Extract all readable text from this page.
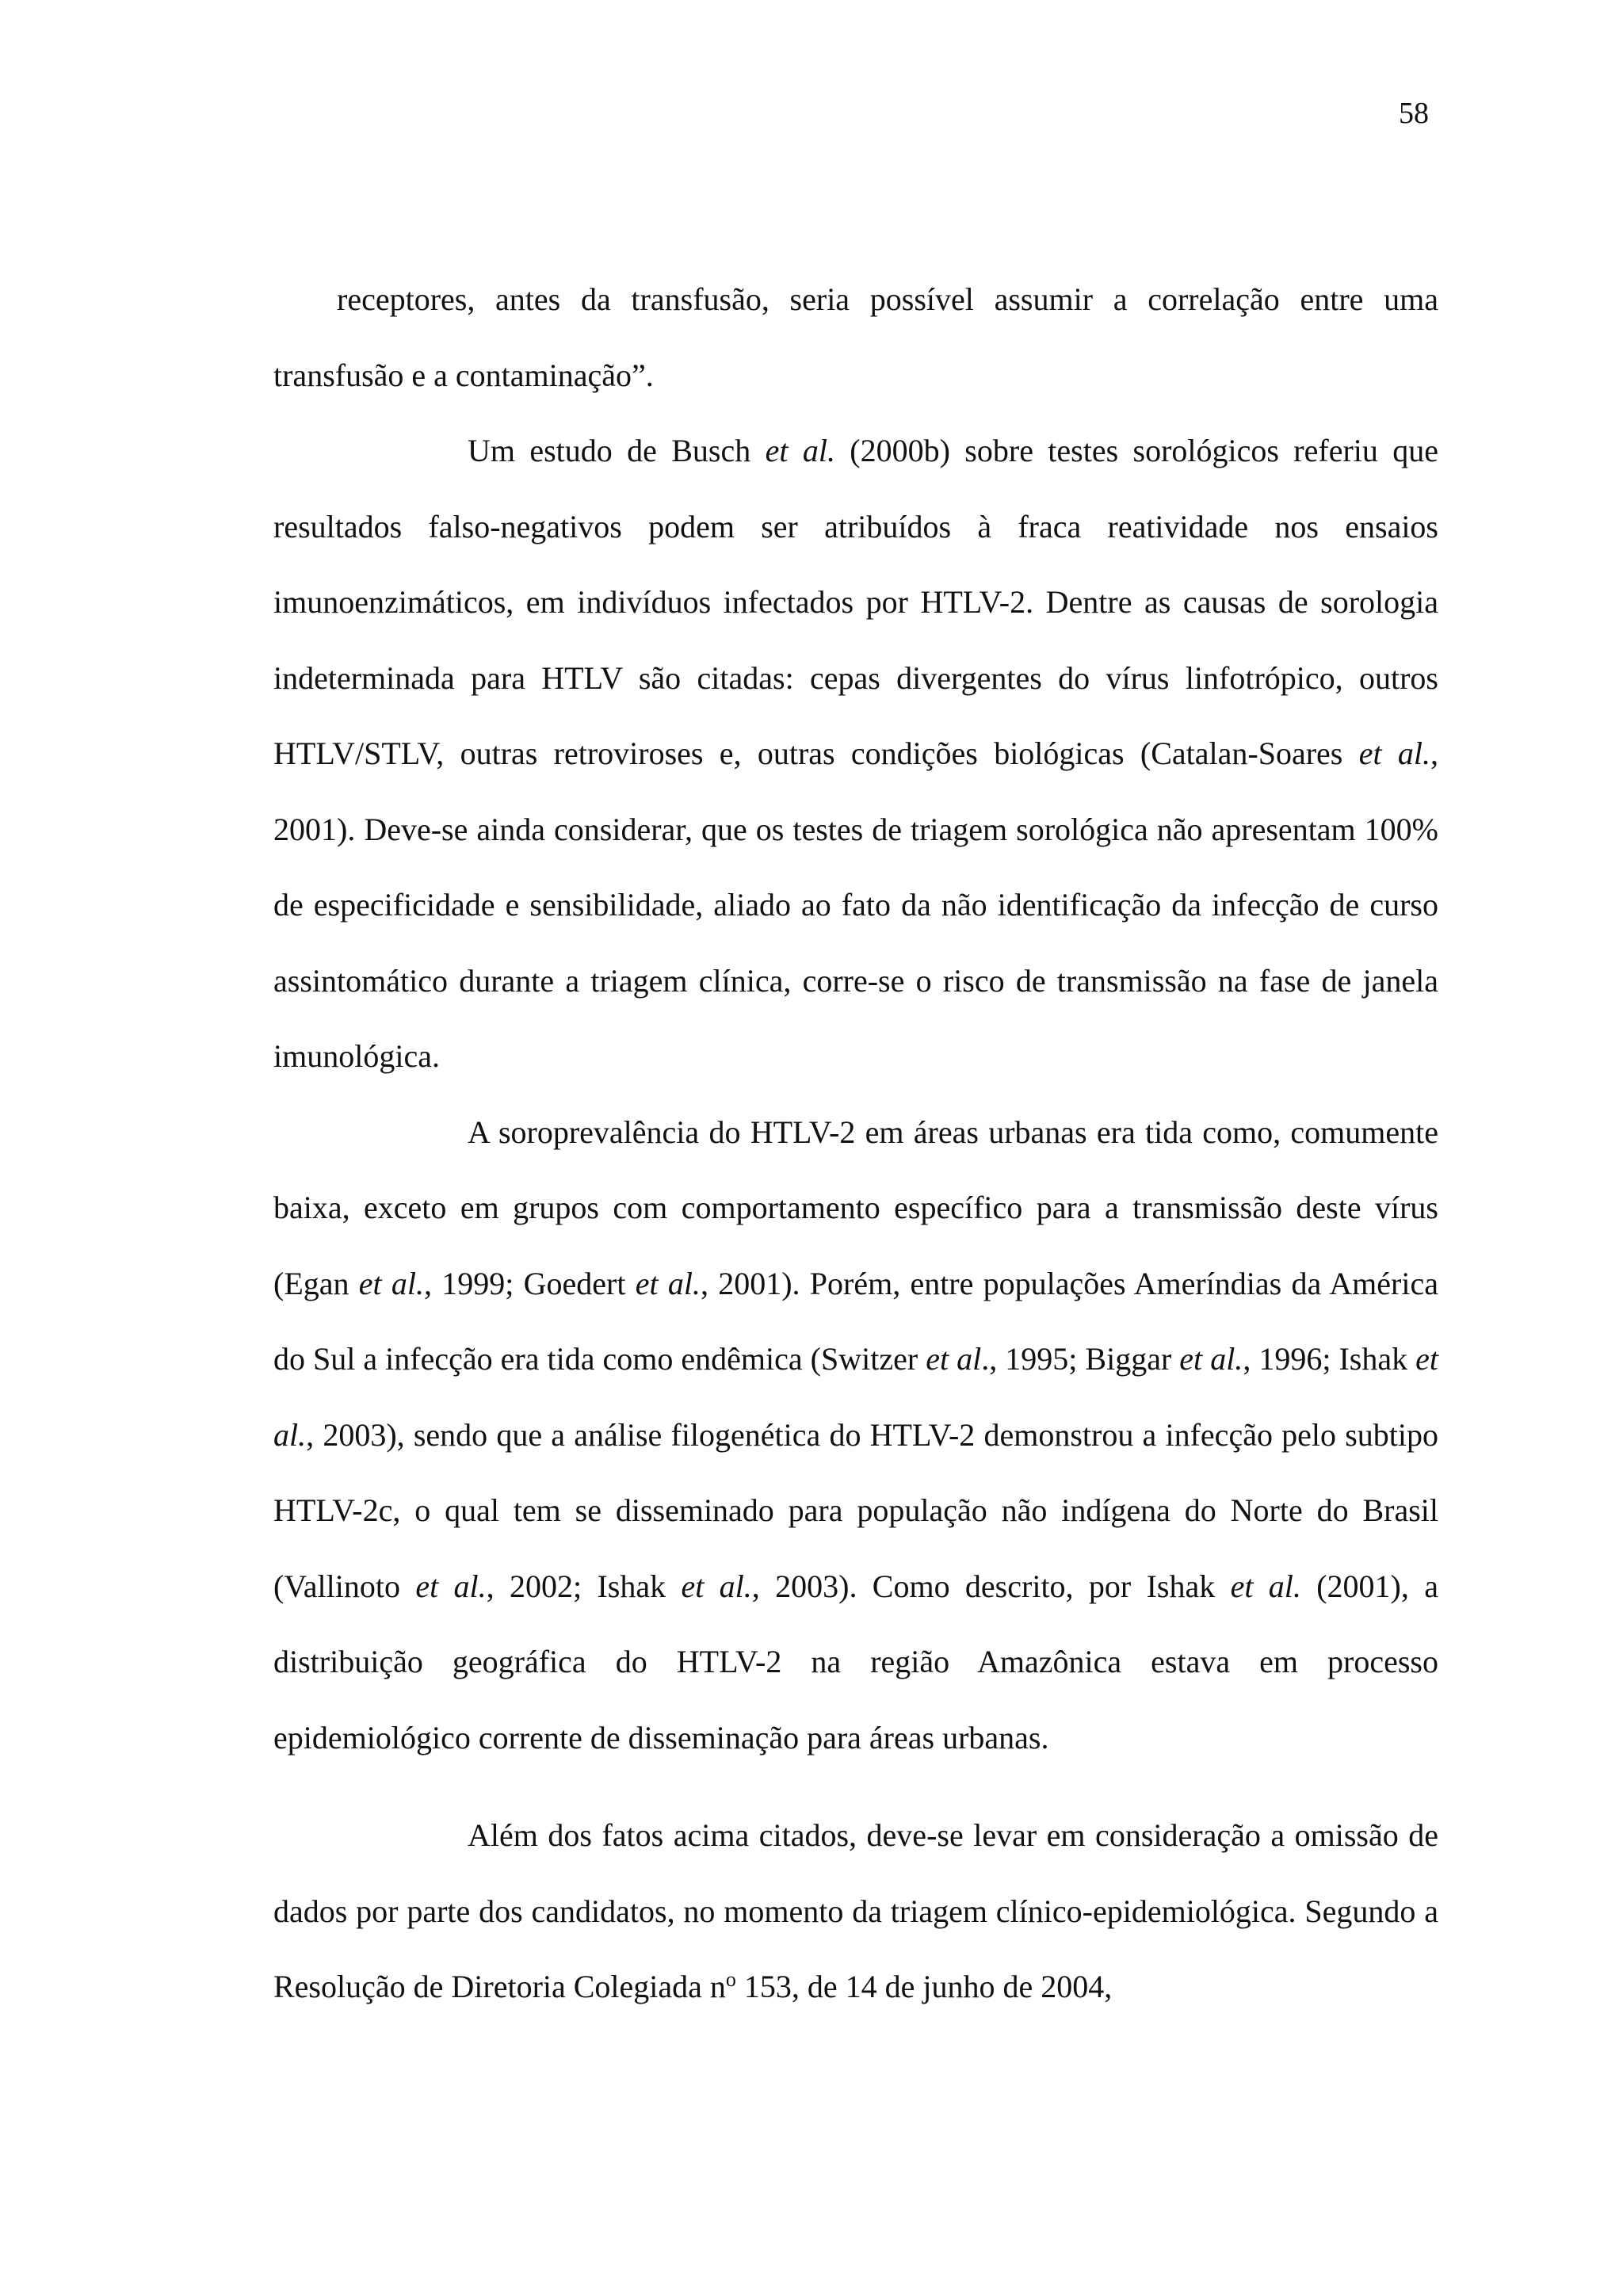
58

receptores, antes da transfusão, seria possível assumir a correlação entre uma transfusão e a contaminação”.

Um estudo de Busch et al. (2000b) sobre testes sorológicos referiu que resultados falso-negativos podem ser atribuídos à fraca reatividade nos ensaios imunoenzimáticos, em indivíduos infectados por HTLV-2. Dentre as causas de sorologia indeterminada para HTLV são citadas: cepas divergentes do vírus linfotrópico, outros HTLV/STLV, outras retroviroses e, outras condições biológicas (Catalan-Soares et al., 2001). Deve-se ainda considerar, que os testes de triagem sorológica não apresentam 100% de especificidade e sensibilidade, aliado ao fato da não identificação da infecção de curso assintomático durante a triagem clínica, corre-se o risco de transmissão na fase de janela imunológica.

A soroprevalência do HTLV-2 em áreas urbanas era tida como, comumente baixa, exceto em grupos com comportamento específico para a transmissão deste vírus (Egan et al., 1999; Goedert et al., 2001). Porém, entre populações Ameríndias da América do Sul a infecção era tida como endêmica (Switzer et al., 1995; Biggar et al., 1996; Ishak et al., 2003), sendo que a análise filogenética do HTLV-2 demonstrou a infecção pelo subtipo HTLV-2c, o qual tem se disseminado para população não indígena do Norte do Brasil (Vallinoto et al., 2002; Ishak et al., 2003). Como descrito, por Ishak et al. (2001), a distribuição geográfica do HTLV-2 na região Amazônica estava em processo epidemiológico corrente de disseminação para áreas urbanas.

Além dos fatos acima citados, deve-se levar em consideração a omissão de dados por parte dos candidatos, no momento da triagem clínico-epidemiológica. Segundo a Resolução de Diretoria Colegiada $n^o$ 153, de 14 de junho de 2004,
